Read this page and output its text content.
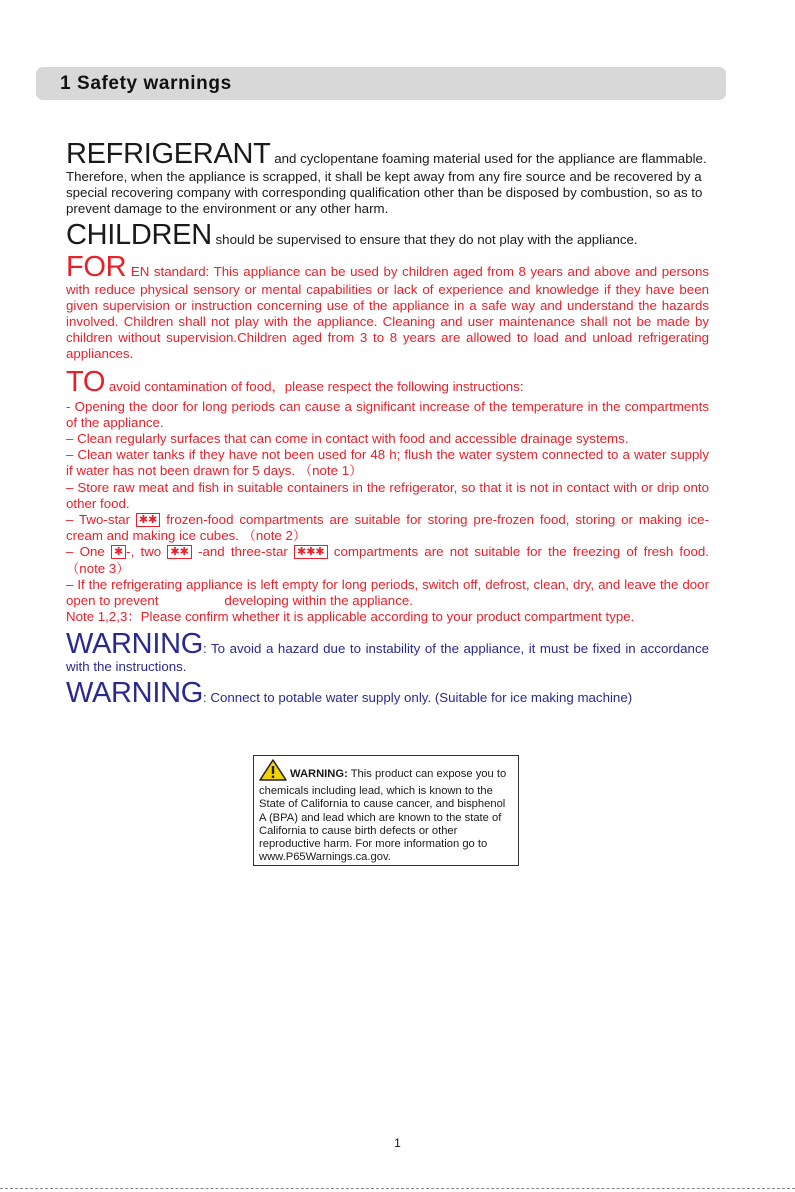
1 Safety warnings

REFRIGERANT and cyclopentane foaming material used for the appliance are flammable. Therefore, when the appliance is scrapped, it shall be kept away from any fire source and be recovered by a special recovering company with corresponding qualification other than be disposed by combustion, so as to prevent damage to the environment or any other harm.

CHILDREN should be supervised to ensure that they do not play with the appliance.

FOR EN standard: This appliance can be used by children aged from 8 years and above and persons with reduce physical sensory or mental capabilities or lack of experience and knowledge if they have been given supervision or instruction concerning use of the appliance in a safe way and understand the hazards involved. Children shall not play with the appliance. Cleaning and user maintenance shall not be made by children without supervision.Children aged from 3 to 8 years are allowed to load and unload refrigerating appliances.

TO avoid contamination of food，please respect the following instructions:

- Opening the door for long periods can cause a significant increase of the temperature in the compartments of the appliance.

– Clean regularly surfaces that can come in contact with food and accessible drainage systems.

– Clean water tanks if they have not been used for 48 h; flush the water system connected to a water supply if water has not been drawn for 5 days. （note 1）

– Store raw meat and fish in suitable containers in the refrigerator, so that it is not in contact with or drip onto other food.

– Two-star ✱✱ frozen-food compartments are suitable for storing pre-frozen food, storing or making ice-cream and making ice cubes. （note 2）

– One ✱ -, two ✱✱ -and three-star ✱✱✱ compartments are not suitable for the freezing of fresh food. （note 3）

– If the refrigerating appliance is left empty for long periods, switch off, defrost, clean, dry, and leave the door open to prevent	developing within the appliance.

Note 1,2,3：Please confirm whether it is applicable according to your product compartment type.

WARNING: To avoid a hazard due to instability of the appliance, it must be fixed in accordance with the instructions.

WARNING: Connect to potable water supply only. (Suitable for ice making machine)

WARNING: This product can expose you to chemicals including lead, which is known to the State of California to cause cancer, and bisphenol A (BPA) and lead which are known to the state of California to cause birth defects or other reproductive harm. For more information go to www.P65Warnings.ca.gov.
1
